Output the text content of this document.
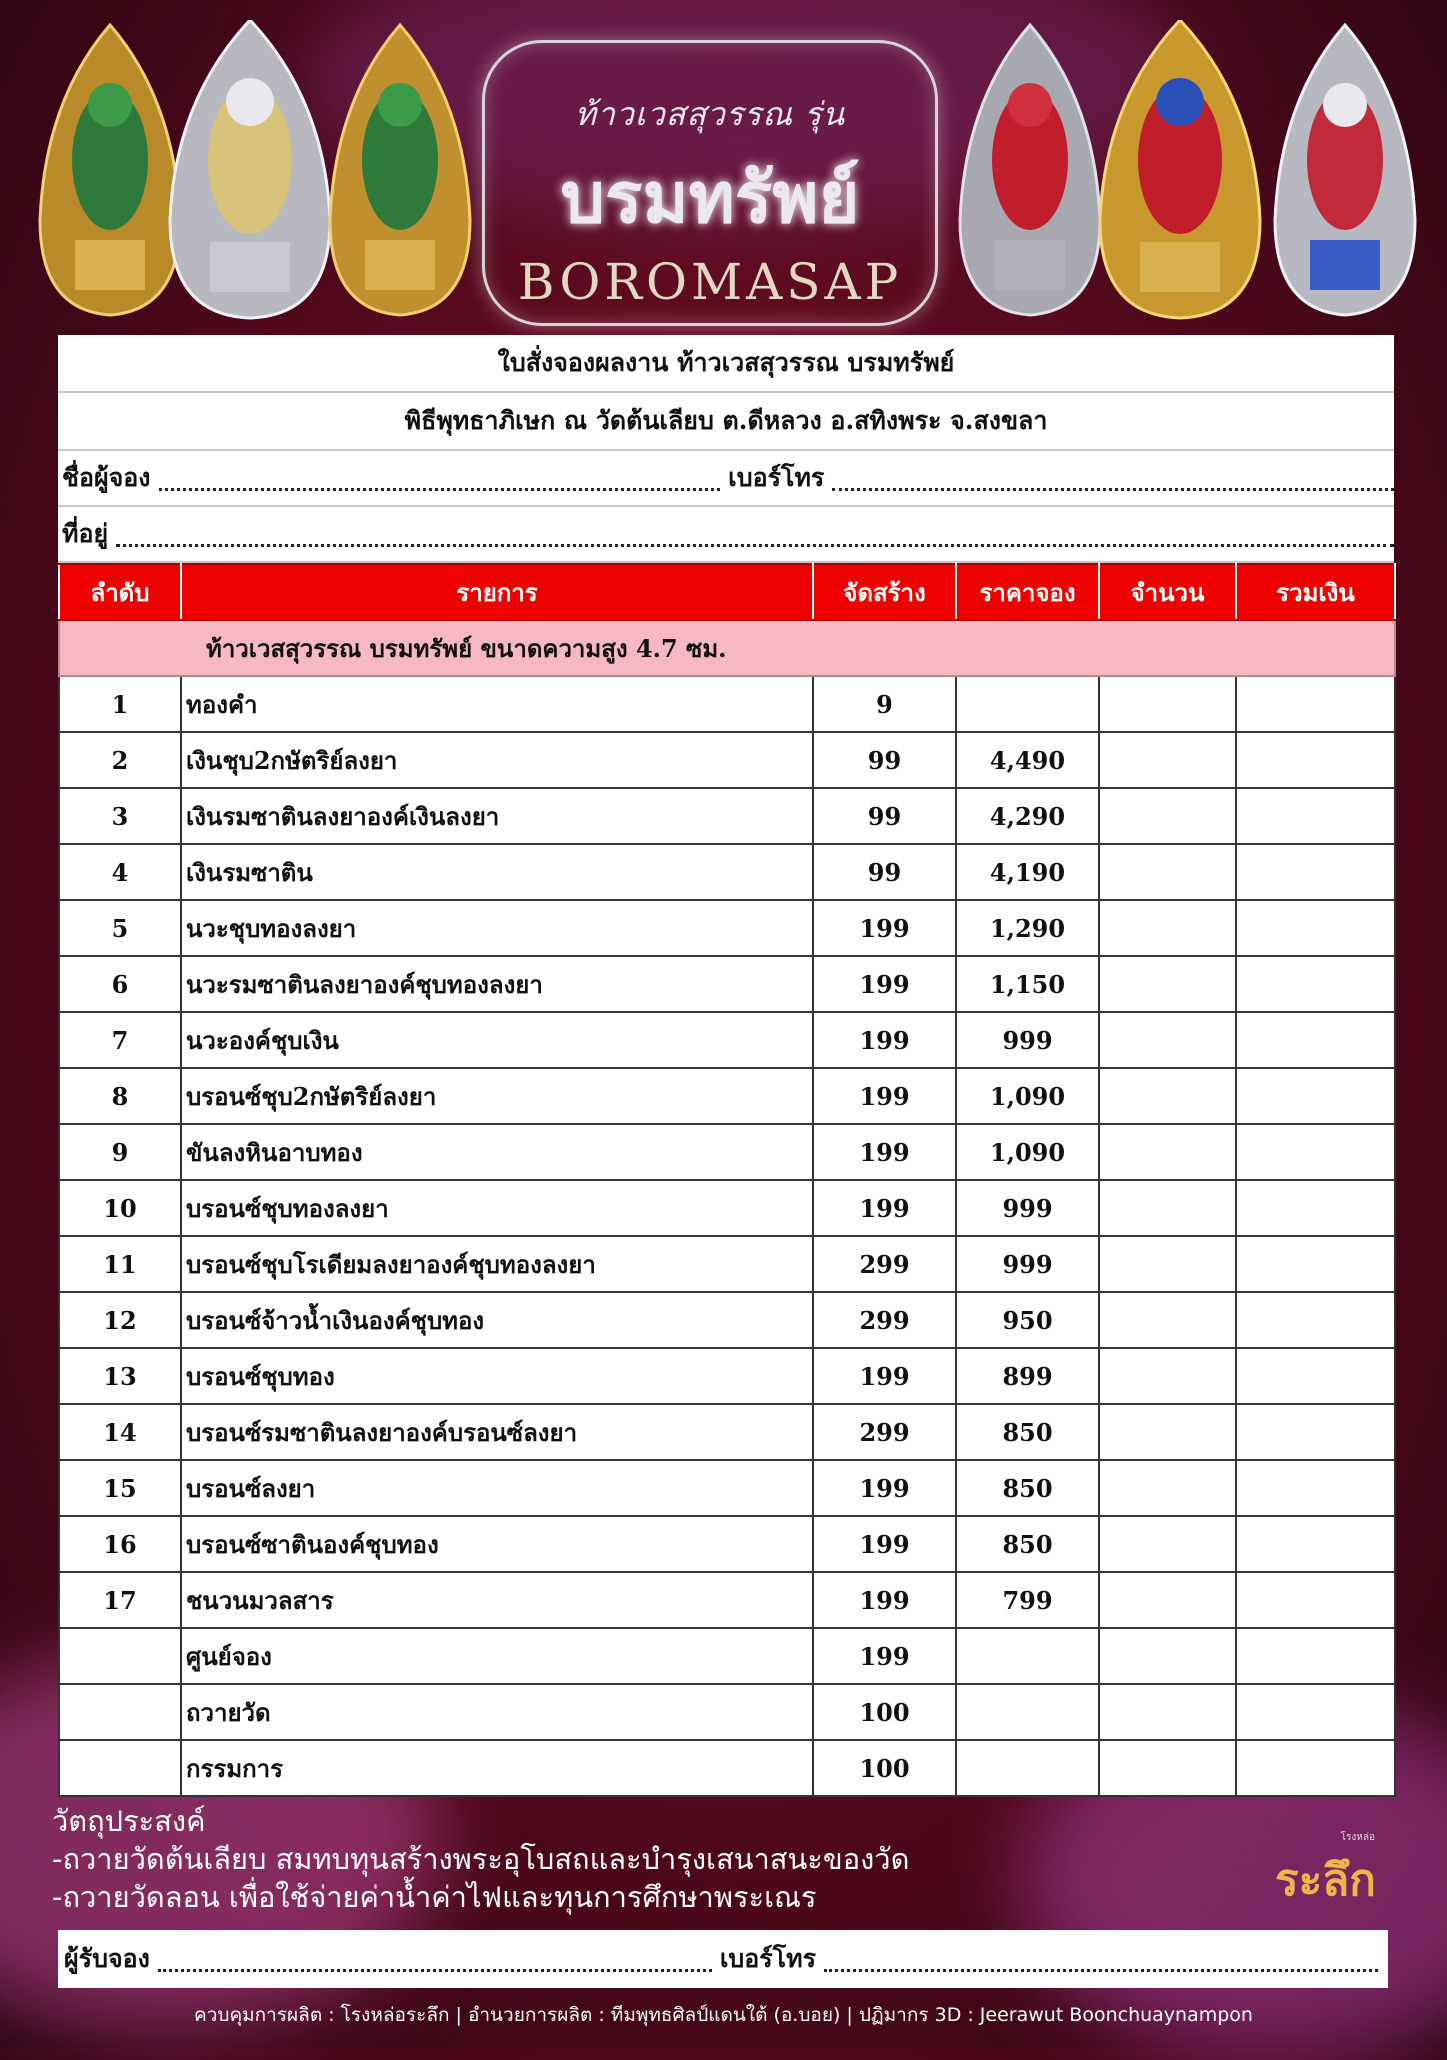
ท้าวเวสสุวรรณ รุ่น
บรมทรัพย์
BOROMASAP
ใบสั่งจองผลงาน ท้าวเวสสุวรรณ บรมทรัพย์
พิธีพุทธาภิเษก ณ วัดต้นเลียบ ต.ดีหลวง อ.สทิงพระ จ.สงขลา
ชื่อผู้จอง	เบอร์โทร
ที่อยู่
ลำดับ	รายการ	จัดสร้าง	ราคาจอง	จำนวน	รวมเงิน
ท้าวเวสสุวรรณ บรมทรัพย์ ขนาดความสูง 4.7 ซม.					
1	ทองคำ	9			
2	เงินชุบ2กษัตริย์ลงยา	99	4,490		
3	เงินรมซาตินลงยาองค์เงินลงยา	99	4,290		
4	เงินรมซาติน	99	4,190		
5	นวะชุบทองลงยา	199	1,290		
6	นวะรมซาตินลงยาองค์ชุบทองลงยา	199	1,150		
7	นวะองค์ชุบเงิน	199	999		
8	บรอนซ์ชุบ2กษัตริย์ลงยา	199	1,090		
9	ขันลงหินอาบทอง	199	1,090		
10	บรอนซ์ชุบทองลงยา	199	999		
11	บรอนซ์ชุบโรเดียมลงยาองค์ชุบทองลงยา	299	999		
12	บรอนซ์จ้าวน้ำเงินองค์ชุบทอง	299	950		
13	บรอนซ์ชุบทอง	199	899		
14	บรอนซ์รมซาตินลงยาองค์บรอนซ์ลงยา	299	850		
15	บรอนซ์ลงยา	199	850		
16	บรอนซ์ซาตินองค์ชุบทอง	199	850		
17	ชนวนมวลสาร	199	799		
	ศูนย์จอง	199			
	ถวายวัด	100			
	กรรมการ	100			
วัตถุประสงค์
-ถวายวัดต้นเลียบ สมทบทุนสร้างพระอุโบสถและบำรุงเสนาสนะของวัด
-ถวายวัดลอน เพื่อใช้จ่ายค่าน้ำค่าไฟและทุนการศึกษาพระเณร
โรงหล่อ
ระลึก
ผู้รับจอง	เบอร์โทร
ควบคุมการผลิต : โรงหล่อระลึก | อำนวยการผลิต : ทีมพุทธศิลป์แดนใต้ (อ.บอย) | ปฏิมากร 3D : Jeerawut Boonchuaynampon
